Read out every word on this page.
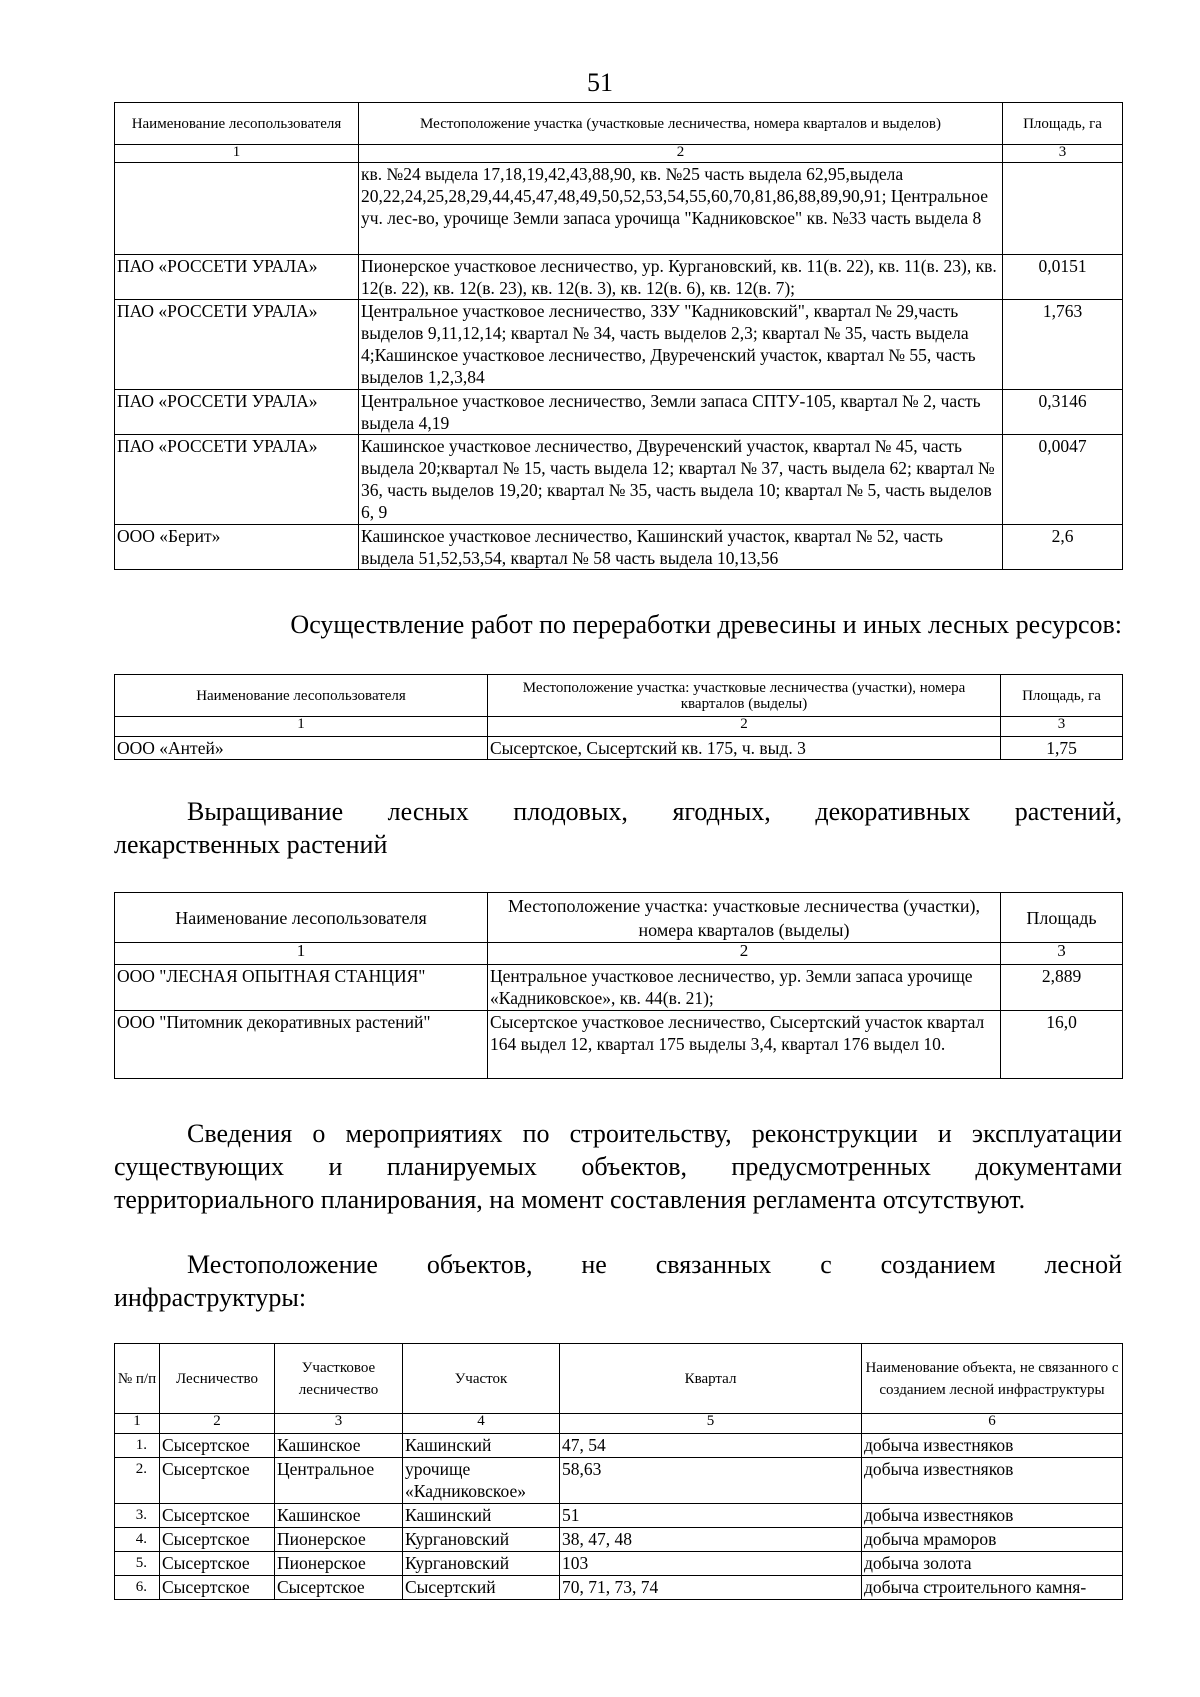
51
Наименование лесопользователя	Местоположение участка (участковые лесничества, номера кварталов и выделов)	Площадь, га
1	2	3
	кв. №24 выдела 17,18,19,42,43,88,90, кв. №25 часть выдела 62,95,выдела 20,22,24,25,28,29,44,45,47,48,49,50,52,53,54,55,60,70,81,86,88,89,90,91; Центральное уч. лес-во, урочище Земли запаса урочища "Кадниковское" кв. №33 часть выдела 8	
ПАО «РОССЕТИ УРАЛА»	Пионерское участковое лесничество, ур. Кургановский, кв. 11(в. 22), кв. 11(в. 23), кв. 12(в. 22), кв. 12(в. 23), кв. 12(в. 3), кв. 12(в. 6), кв. 12(в. 7);	0,0151
ПАО «РОССЕТИ УРАЛА»	Центральное участковое лесничество, ЗЗУ "Кадниковский", квартал № 29,часть выделов 9,11,12,14; квартал № 34, часть выделов 2,3; квартал № 35, часть выдела 4;Кашинское участковое лесничество, Двуреченский участок, квартал № 55, часть выделов 1,2,3,84	1,763
ПАО «РОССЕТИ УРАЛА»	Центральное участковое лесничество, Земли запаса СПТУ-105, квартал № 2, часть выдела 4,19	0,3146
ПАО «РОССЕТИ УРАЛА»	Кашинское участковое лесничество, Двуреченский участок, квартал № 45, часть выдела 20;квартал № 15, часть выдела 12; квартал № 37, часть выдела 62; квартал № 36, часть выделов 19,20; квартал № 35, часть выдела 10; квартал № 5, часть выделов 6, 9	0,0047
ООО «Берит»	Кашинское участковое лесничество, Кашинский участок, квартал № 52, часть выдела 51,52,53,54, квартал № 58 часть выдела 10,13,56	2,6

Осуществление работ по переработки древесины и иных лесных ресурсов:

Наименование лесопользователя	Местоположение участка: участковые лесничества (участки), номера кварталов (выделы)	Площадь, га
1	2	3
ООО «Антей»	Сысертское, Сысертский кв. 175, ч. выд. 3	1,75
Выращивание лесных плодовых, ягодных, декоративных растений,
лекарственных растений
Наименование лесопользователя	Местоположение участка: участковые лесничества (участки), номера кварталов (выделы)	Площадь
1	2	3
ООО "ЛЕСНАЯ ОПЫТНАЯ СТАНЦИЯ"	Центральное участковое лесничество, ур. Земли запаса урочище «Кадниковское», кв. 44(в. 21);	2,889
ООО "Питомник декоративных растений"	Сысертское участковое лесничество, Сысертский участок квартал 164 выдел 12, квартал 175 выделы 3,4, квартал 176 выдел 10.	16,0

Сведения о мероприятиях по строительству, реконструкции и эксплуатации существующих и планируемых объектов, предусмотренных документами территориального планирования, на момент составления регламента отсутствуют.

Местоположение объектов, не связанных с созданием лесной
инфраструктуры:
№ п/п	Лесничество	Участковое лесничество	Участок	Квартал	Наименование объекта, не связанного с созданием лесной инфраструктуры
1	2	3	4	5	6
1.	Сысертское	Кашинское	Кашинский	47, 54	добыча известняков
2.	Сысертское	Центральное	урочище «Кадниковское»	58,63	добыча известняков
3.	Сысертское	Кашинское	Кашинский	51	добыча известняков
4.	Сысертское	Пионерское	Кургановский	38, 47, 48	добыча мраморов
5.	Сысертское	Пионерское	Кургановский	103	добыча золота
6.	Сысертское	Сысертское	Сысертский	70, 71, 73, 74	добыча строительного камня-
